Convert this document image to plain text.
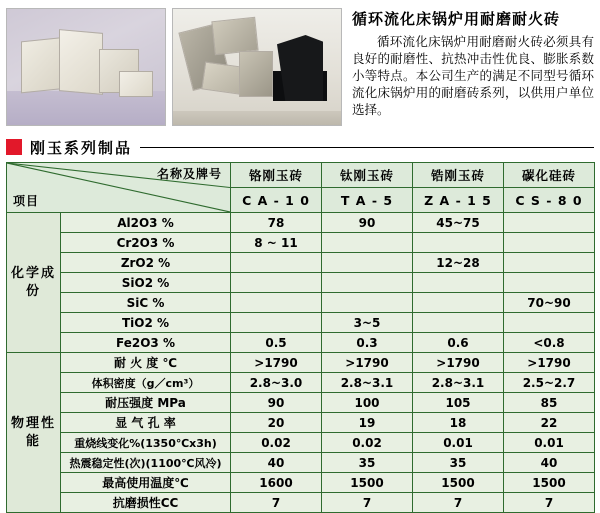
循环流化床锅炉用耐磨耐火砖

循环流化床锅炉用耐磨耐火砖必须具有良好的耐磨性、抗热冲击性优良、膨胀系数小等特点。本公司生产的满足不同型号循环流化床锅炉用的耐磨砖系列，以供用户单位选择。

刚玉系列制品
名称及牌号
项目		铬刚玉砖	钛刚玉砖	锆刚玉砖	碳化硅砖
		C A - 1 0	T A - 5	Z A - 1 5	C S - 8 0
化学成份	Al2O3 %	78	90	45~75	
	Cr2O3 %	8 ~ 11			
	ZrO2 %			12~28	
	SiO2 %				
	SiC %				70~90
	TiO2 %		3~5		
	Fe2O3 %	0.5	0.3	0.6	<0.8
物理性能	耐 火 度 ℃	>1790	>1790	>1790	>1790
	体积密度（g／cm³）	2.8~3.0	2.8~3.1	2.8~3.1	2.5~2.7
	耐压强度 MPa	90	100	105	85
	显 气 孔 率	20	19	18	22
	重烧线变化%(1350℃x3h)	0.02	0.02	0.01	0.01
	热震稳定性(次)(1100℃风冷)	40	35	35	40
	最高使用温度℃	1600	1500	1500	1500
	抗磨损性CC	7	7	7	7
